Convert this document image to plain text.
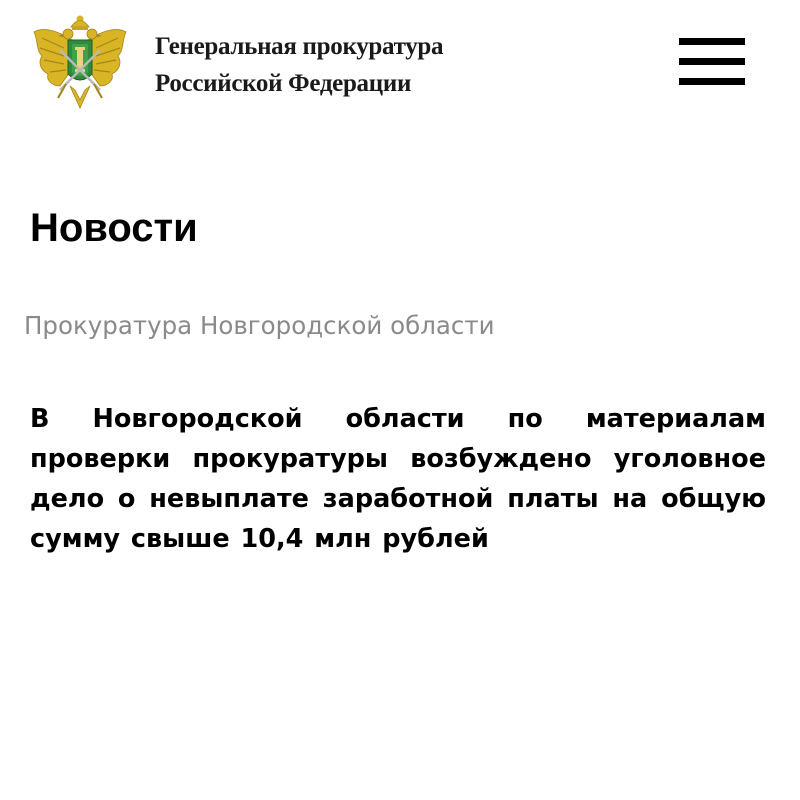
Генеральная прокуратура
Российской Федерации
Новости
Прокуратура Новгородской области

В Новгородской области по материалам проверки прокуратуры возбуждено уголовное дело о невыплате заработной платы на общую сумму свыше 10,4 млн рублей
